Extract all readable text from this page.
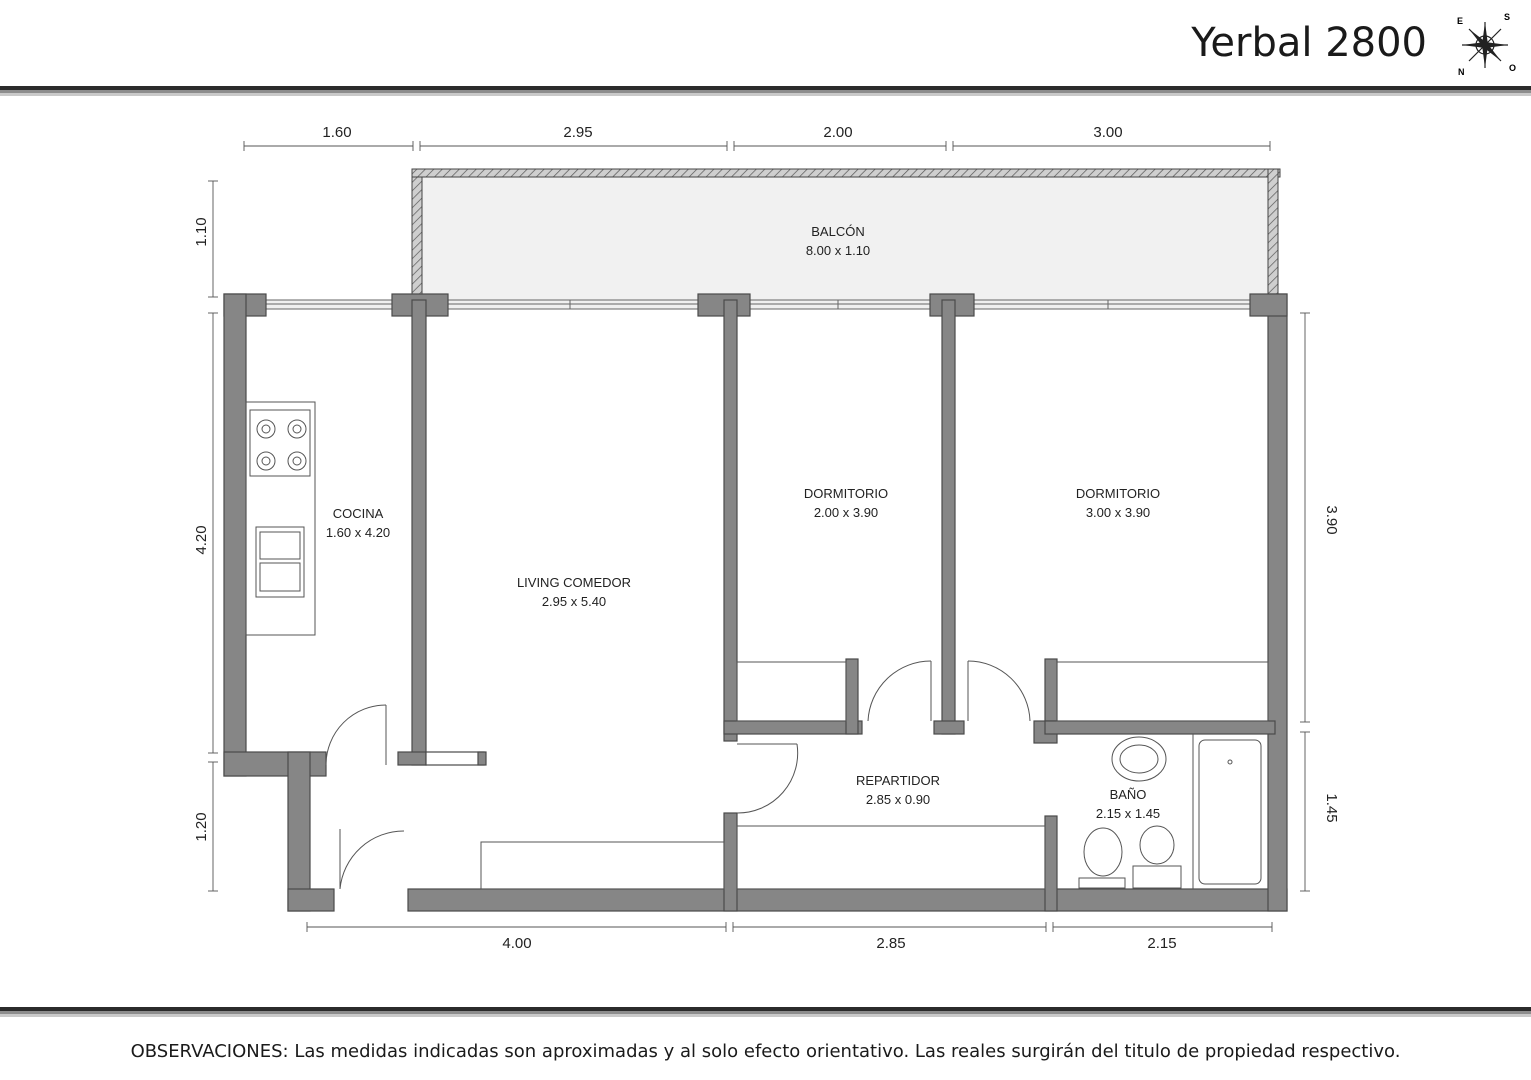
Yerbal 2800	E	S
N	O
BALCÓN
8.00 x 1.10
COCINA
1.60 x 4.20
LIVING COMEDOR
2.95 x 5.40
DORMITORIO
2.00 x 3.90
DORMITORIO
3.00 x 3.90
REPARTIDOR
2.85 x 0.90	BAÑO
2.15 x 1.45
1.60	2.95	2.00	3.00
4.00	2.85	2.15
1.10
4.20
1.20
3.90
1.45
OBSERVACIONES: Las medidas indicadas son aproximadas y al solo efecto orientativo. Las reales surgirán del titulo de propiedad respectivo.
